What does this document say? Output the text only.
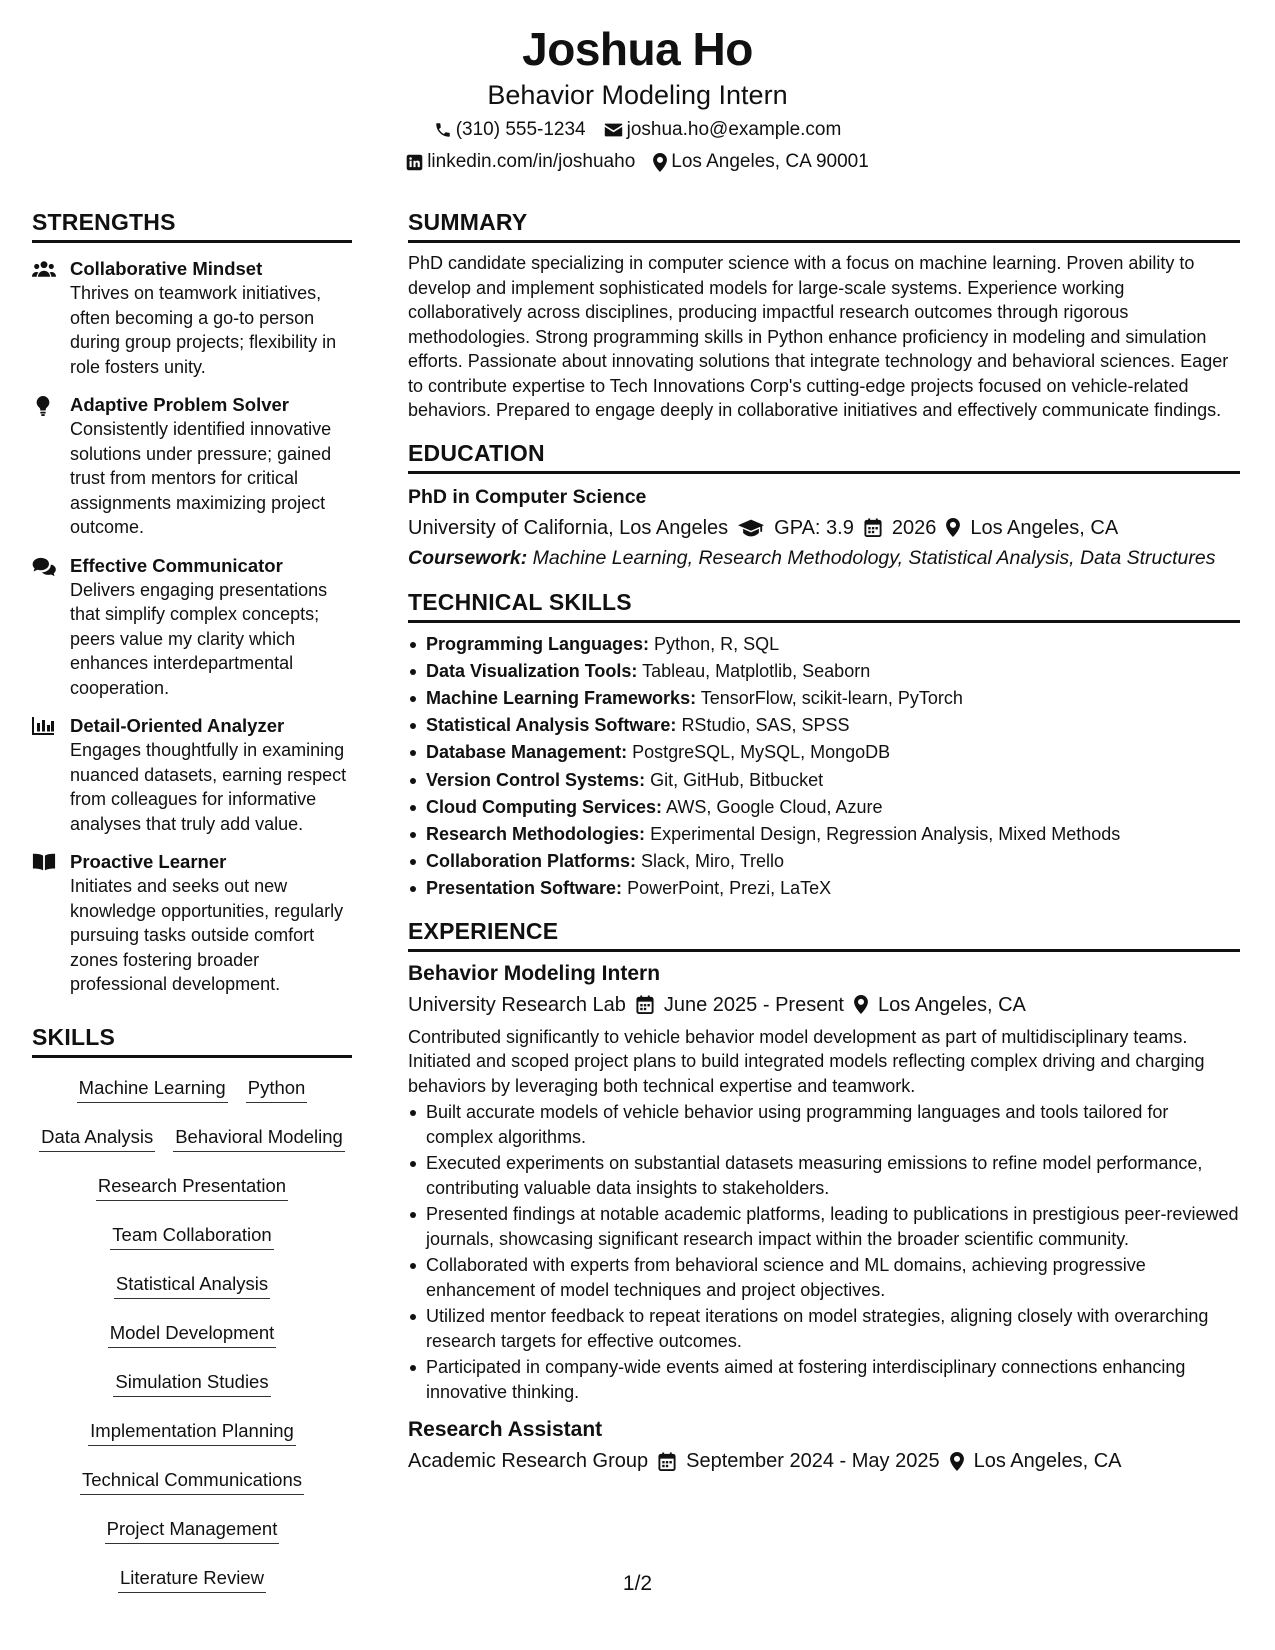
Joshua Ho
Behavior Modeling Intern
(310) 555-1234 joshua.ho@example.com
linkedin.com/in/joshuaho Los Angeles, CA 90001
STRENGTHS
Collaborative Mindset
Thrives on teamwork initiatives, often becoming a go-to person during group projects; flexibility in role fosters unity.
Adaptive Problem Solver
Consistently identified innovative solutions under pressure; gained trust from mentors for critical assignments maximizing project outcome.
Effective Communicator
Delivers engaging presentations that simplify complex concepts; peers value my clarity which enhances interdepartmental cooperation.
Detail-Oriented Analyzer
Engages thoughtfully in examining nuanced datasets, earning respect from colleagues for informative analyses that truly add value.
Proactive Learner
Initiates and seeks out new knowledge opportunities, regularly pursuing tasks outside comfort zones fostering broader professional development.
SKILLS
Machine Learning Python
Data Analysis Behavioral Modeling
Research Presentation
Team Collaboration
Statistical Analysis
Model Development
Simulation Studies
Implementation Planning
Technical Communications
Project Management
Literature Review
SUMMARY
PhD candidate specializing in computer science with a focus on machine learning. Proven ability to develop and implement sophisticated models for large-scale systems. Experience working collaboratively across disciplines, producing impactful research outcomes through rigorous methodologies. Strong programming skills in Python enhance proficiency in modeling and simulation efforts. Passionate about innovating solutions that integrate technology and behavioral sciences. Eager to contribute expertise to Tech Innovations Corp's cutting-edge projects focused on vehicle-related behaviors. Prepared to engage deeply in collaborative initiatives and effectively communicate findings.
EDUCATION
PhD in Computer Science
University of California, Los Angeles GPA: 3.9 2026 Los Angeles, CA
Coursework: Machine Learning, Research Methodology, Statistical Analysis, Data Structures
TECHNICAL SKILLS
Programming Languages: Python, R, SQL
Data Visualization Tools: Tableau, Matplotlib, Seaborn
Machine Learning Frameworks: TensorFlow, scikit-learn, PyTorch
Statistical Analysis Software: RStudio, SAS, SPSS
Database Management: PostgreSQL, MySQL, MongoDB
Version Control Systems: Git, GitHub, Bitbucket
Cloud Computing Services: AWS, Google Cloud, Azure
Research Methodologies: Experimental Design, Regression Analysis, Mixed Methods
Collaboration Platforms: Slack, Miro, Trello
Presentation Software: PowerPoint, Prezi, LaTeX
EXPERIENCE
Behavior Modeling Intern
University Research Lab June 2025 - Present Los Angeles, CA
Contributed significantly to vehicle behavior model development as part of multidisciplinary teams. Initiated and scoped project plans to build integrated models reflecting complex driving and charging behaviors by leveraging both technical expertise and teamwork.
Built accurate models of vehicle behavior using programming languages and tools tailored for complex algorithms.
Executed experiments on substantial datasets measuring emissions to refine model performance, contributing valuable data insights to stakeholders.
Presented findings at notable academic platforms, leading to publications in prestigious peer-reviewed journals, showcasing significant research impact within the broader scientific community.
Collaborated with experts from behavioral science and ML domains, achieving progressive enhancement of model techniques and project objectives.
Utilized mentor feedback to repeat iterations on model strategies, aligning closely with overarching research targets for effective outcomes.
Participated in company-wide events aimed at fostering interdisciplinary connections enhancing innovative thinking.
Research Assistant
Academic Research Group September 2024 - May 2025 Los Angeles, CA
1/2
